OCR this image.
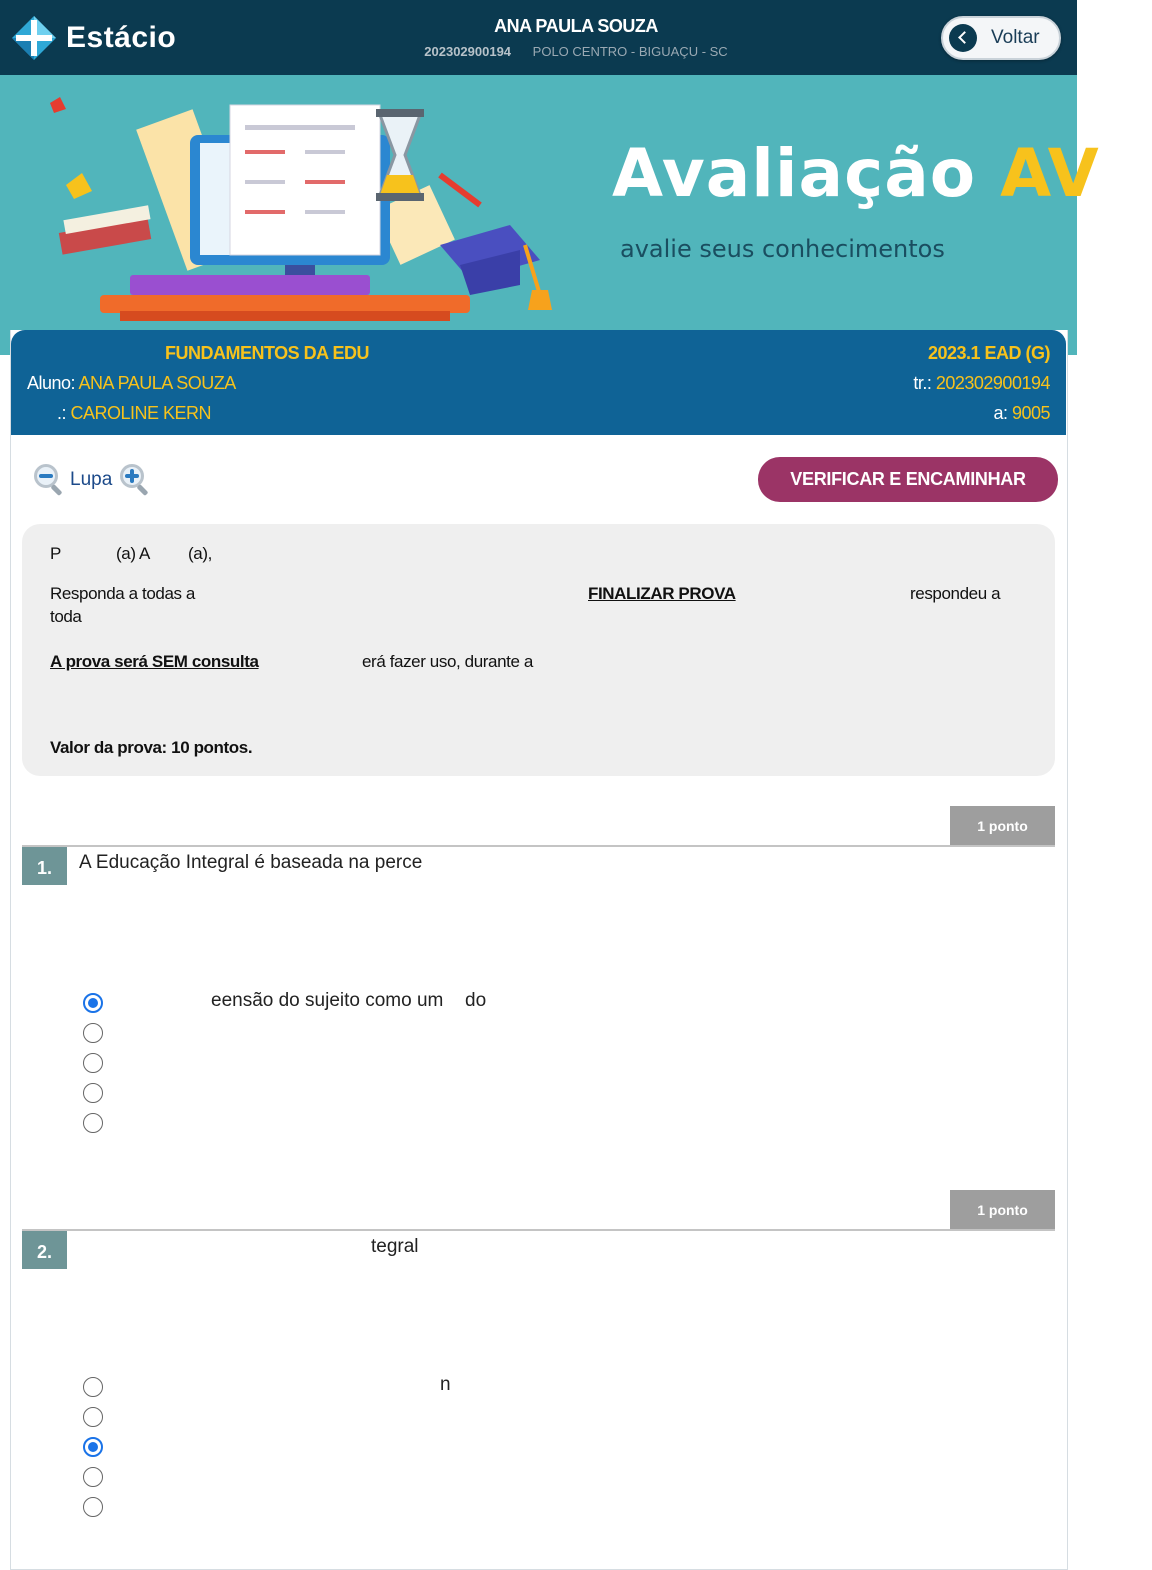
Estácio	ANA PAULA SOUZA
202302900194 POLO CENTRO - BIGUAÇU - SC
Voltar
Avaliação AV
avalie seus conhecimentos
FUNDAMENTOS DA EDU
Aluno: ANA PAULA SOUZA
.: CAROLINE KERN
2023.1 EAD (G)
tr.: 202302900194
a: 9005
Lupa	VERIFICAR E ENCAMINHAR
P	(a) A (a),
Responda a todas a	FINALIZAR PROVA	respondeu a
toda
A prova será SEM consulta	erá fazer uso, durante a
Valor da prova: 10 pontos.
1 ponto
1.	A Educação Integral é baseada na perce
eensão do sujeito como um do
1 ponto
2.	tegral
n
